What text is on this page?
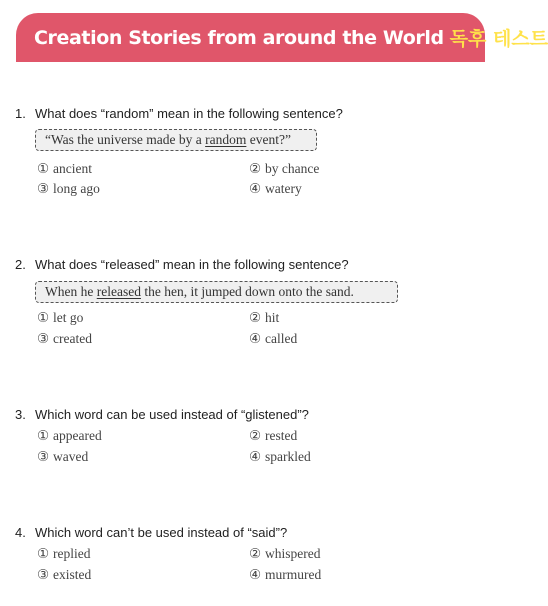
Creation Stories from around the World 독후 테스트
1. What does “random” mean in the following sentence?
“Was the universe made by a random event?”
① ancient	② by chance
③ long ago	④ watery
2. What does “released” mean in the following sentence?
When he released the hen, it jumped down onto the sand.
① let go	② hit
③ created	④ called
3. Which word can be used instead of “glistened”?
① appeared	② rested
③ waved	④ sparkled
4. Which word can’t be used instead of “said”?
① replied	② whispered
③ existed	④ murmured
